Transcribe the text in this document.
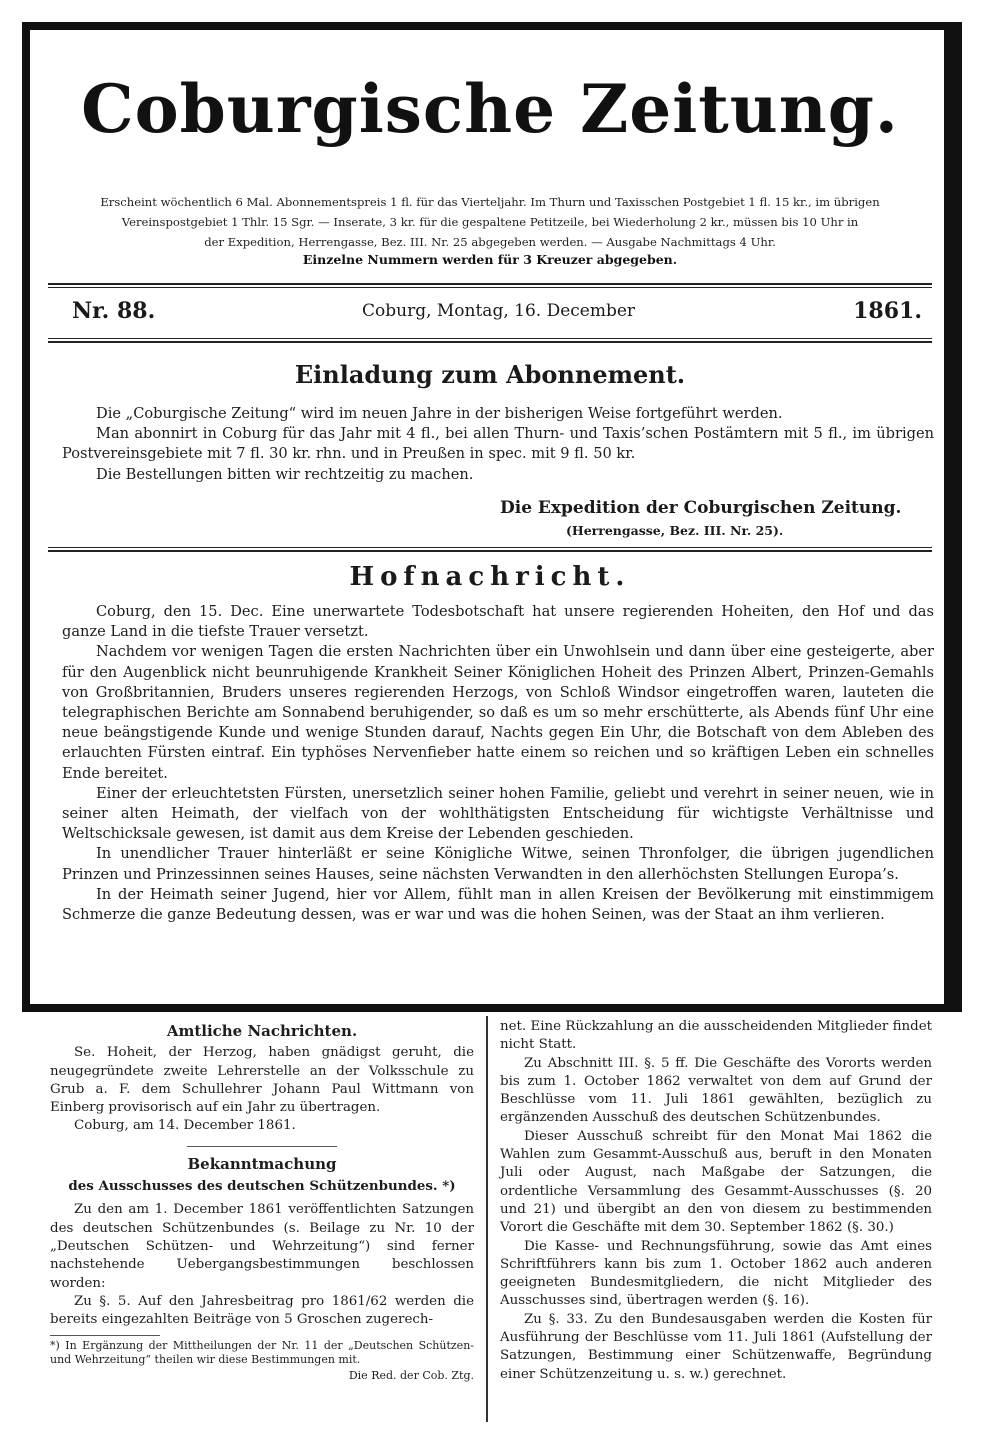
Coburgische Zeitung.
Erscheint wöchentlich 6 Mal. Abonnementspreis 1 fl. für das Vierteljahr. Im Thurn und Taxisschen Postgebiet 1 fl. 15 kr., im übrigen
Vereinspostgebiet 1 Thlr. 15 Sgr. — Inserate, 3 kr. für die gespaltene Petitzeile, bei Wiederholung 2 kr., müssen bis 10 Uhr in
der Expedition, Herrengasse, Bez. III. Nr. 25 abgegeben werden. — Ausgabe Nachmittags 4 Uhr.
Einzelne Nummern werden für 3 Kreuzer abgegeben.
Nr. 88.	Coburg, Montag, 16. December	1861.
Einladung zum Abonnement.

Die „Coburgische Zeitung“ wird im neuen Jahre in der bisherigen Weise fortgeführt werden.

Man abonnirt in Coburg für das Jahr mit 4 fl., bei allen Thurn- und Taxis’schen Postämtern mit 5 fl., im übrigen Postvereinsgebiete mit 7 fl. 30 kr. rhn. und in Preußen in spec. mit 9 fl. 50 kr.

Die Bestellungen bitten wir rechtzeitig zu machen.

Die Expedition der Coburgischen Zeitung.
(Herrengasse, Bez. III. Nr. 25).
Hofnachricht.

Coburg, den 15. Dec. Eine unerwartete Todesbotschaft hat unsere regierenden Hoheiten, den Hof und das ganze Land in die tiefste Trauer versetzt.

Nachdem vor wenigen Tagen die ersten Nachrichten über ein Unwohlsein und dann über eine gesteigerte, aber für den Augenblick nicht beunruhigende Krankheit Seiner Königlichen Hoheit des Prinzen Albert, Prinzen-Gemahls von Großbritannien, Bruders unseres regierenden Herzogs, von Schloß Windsor eingetroffen waren, lauteten die telegraphischen Berichte am Sonnabend beruhigender, so daß es um so mehr erschütterte, als Abends fünf Uhr eine neue beängstigende Kunde und wenige Stunden darauf, Nachts gegen Ein Uhr, die Botschaft von dem Ableben des erlauchten Fürsten eintraf. Ein typhöses Nervenfieber hatte einem so reichen und so kräftigen Leben ein schnelles Ende bereitet.

Einer der erleuchtetsten Fürsten, unersetzlich seiner hohen Familie, geliebt und verehrt in seiner neuen, wie in seiner alten Heimath, der vielfach von der wohlthätigsten Entscheidung für wichtigste Verhältnisse und Weltschicksale gewesen, ist damit aus dem Kreise der Lebenden geschieden.

In unendlicher Trauer hinterläßt er seine Königliche Witwe, seinen Thronfolger, die übrigen jugendlichen Prinzen und Prinzessinnen seines Hauses, seine nächsten Verwandten in den allerhöchsten Stellungen Europa’s.

In der Heimath seiner Jugend, hier vor Allem, fühlt man in allen Kreisen der Bevölkerung mit einstimmigem Schmerze die ganze Bedeutung dessen, was er war und was die hohen Seinen, was der Staat an ihm verlieren.

Amtliche Nachrichten.

Se. Hoheit, der Herzog, haben gnädigst geruht, die neugegründete zweite Lehrerstelle an der Volksschule zu Grub a. F. dem Schullehrer Johann Paul Wittmann von Einberg provisorisch auf ein Jahr zu übertragen.

Coburg, am 14. December 1861.

Bekanntmachung
des Ausschusses des deutschen Schützenbundes. *)

Zu den am 1. December 1861 veröffentlichten Satzungen des deutschen Schützenbundes (s. Beilage zu Nr. 10 der „Deutschen Schützen- und Wehrzeitung“) sind ferner nachstehende Uebergangsbestimmungen beschlossen worden:

Zu §. 5. Auf den Jahresbeitrag pro 1861/62 werden die bereits eingezahlten Beiträge von 5 Groschen zugerech-

*) In Ergänzung der Mittheilungen der Nr. 11 der „Deutschen Schützen- und Wehrzeitung“ theilen wir diese Bestimmungen mit.
Die Red. der Cob. Ztg.

net. Eine Rückzahlung an die ausscheidenden Mitglieder findet nicht Statt.

Zu Abschnitt III. §. 5 ff. Die Geschäfte des Vororts werden bis zum 1. October 1862 verwaltet von dem auf Grund der Beschlüsse vom 11. Juli 1861 gewählten, bezüglich zu ergänzenden Ausschuß des deutschen Schützenbundes.

Dieser Ausschuß schreibt für den Monat Mai 1862 die Wahlen zum Gesammt-Ausschuß aus, beruft in den Monaten Juli oder August, nach Maßgabe der Satzungen, die ordentliche Versammlung des Gesammt-Ausschusses (§. 20 und 21) und übergibt an den von diesem zu bestimmenden Vorort die Geschäfte mit dem 30. September 1862 (§. 30.)

Die Kasse- und Rechnungsführung, sowie das Amt eines Schriftführers kann bis zum 1. October 1862 auch anderen geeigneten Bundesmitgliedern, die nicht Mitglieder des Ausschusses sind, übertragen werden (§. 16).

Zu §. 33. Zu den Bundesausgaben werden die Kosten für Ausführung der Beschlüsse vom 11. Juli 1861 (Aufstellung der Satzungen, Bestimmung einer Schützenwaffe, Begründung einer Schützenzeitung u. s. w.) gerechnet.
